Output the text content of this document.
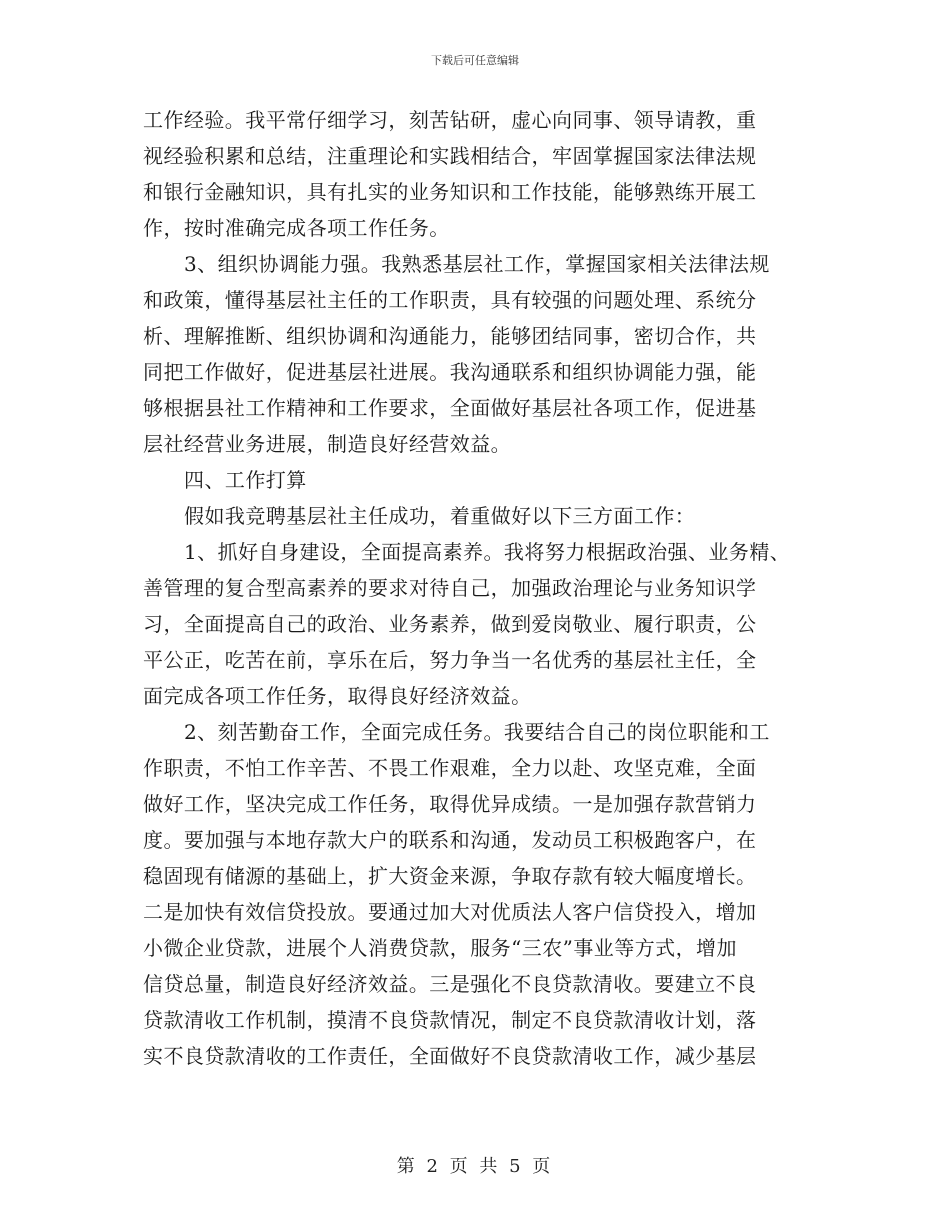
下载后可任意编辑
工作经验。我平常仔细学习，刻苦钻研，虚心向同事、领导请教，重
视经验积累和总结，注重理论和实践相结合，牢固掌握国家法律法规
和银行金融知识，具有扎实的业务知识和工作技能，能够熟练开展工
作，按时准确完成各项工作任务。
3、组织协调能力强。我熟悉基层社工作，掌握国家相关法律法规
和政策，懂得基层社主任的工作职责，具有较强的问题处理、系统分
析、理解推断、组织协调和沟通能力，能够团结同事，密切合作，共
同把工作做好，促进基层社进展。我沟通联系和组织协调能力强，能
够根据县社工作精神和工作要求，全面做好基层社各项工作，促进基
层社经营业务进展，制造良好经营效益。
四、工作打算
假如我竞聘基层社主任成功，着重做好以下三方面工作：
1、抓好自身建设，全面提高素养。我将努力根据政治强、业务精、
善管理的复合型高素养的要求对待自己，加强政治理论与业务知识学
习，全面提高自己的政治、业务素养，做到爱岗敬业、履行职责，公
平公正，吃苦在前，享乐在后，努力争当一名优秀的基层社主任，全
面完成各项工作任务，取得良好经济效益。
2、刻苦勤奋工作，全面完成任务。我要结合自己的岗位职能和工
作职责，不怕工作辛苦、不畏工作艰难，全力以赴、攻坚克难，全面
做好工作，坚决完成工作任务，取得优异成绩。一是加强存款营销力
度。要加强与本地存款大户的联系和沟通，发动员工积极跑客户，在
稳固现有储源的基础上，扩大资金来源，争取存款有较大幅度增长。
二是加快有效信贷投放。要通过加大对优质法人客户信贷投入，增加
小微企业贷款，进展个人消费贷款，服务“三农”事业等方式，增加
信贷总量，制造良好经济效益。三是强化不良贷款清收。要建立不良
贷款清收工作机制，摸清不良贷款情况，制定不良贷款清收计划，落
实不良贷款清收的工作责任，全面做好不良贷款清收工作，减少基层
第 2 页 共 5 页
